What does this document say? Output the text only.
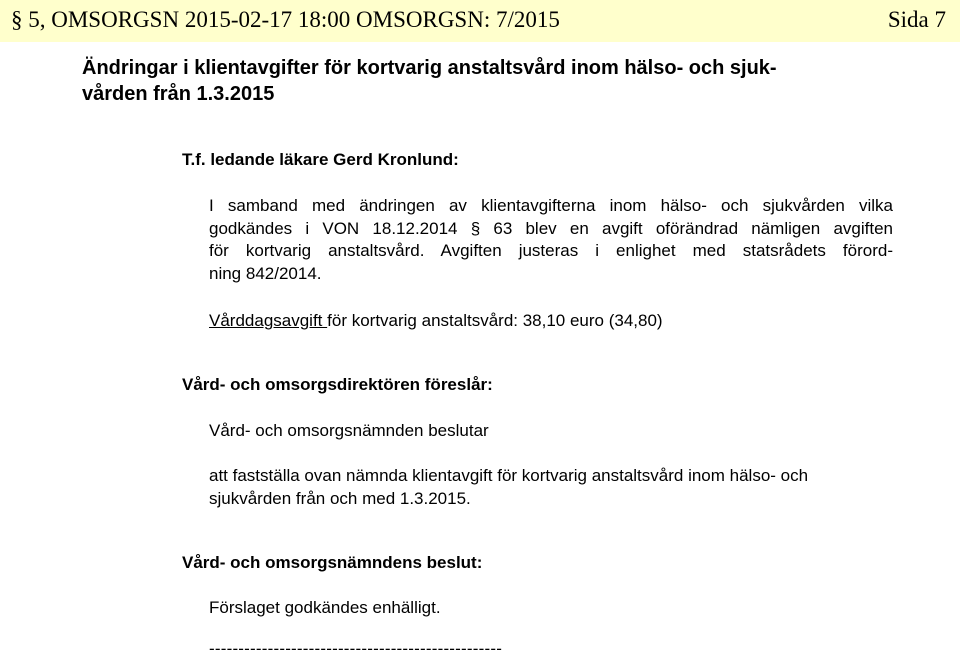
§ 5, OMSORGSN 2015-02-17 18:00 OMSORGSN: 7/2015	Sida 7
Ändringar i klientavgifter för kortvarig anstaltsvård inom hälso- och sjuk-
vården från 1.3.2015
T.f. ledande läkare Gerd Kronlund:
I samband med ändringen av klientavgifterna inom hälso- och sjukvården vilka
godkändes i VON 18.12.2014 § 63 blev en avgift oförändrad nämligen avgiften
för kortvarig anstaltsvård. Avgiften justeras i enlighet med statsrådets förord-
ning 842/2014.
Vårddagsavgift för kortvarig anstaltsvård: 38,10 euro (34,80)
Vård- och omsorgsdirektören föreslår:
Vård- och omsorgsnämnden beslutar
att fastställa ovan nämnda klientavgift för kortvarig anstaltsvård inom hälso- och
sjukvården från och med 1.3.2015.
Vård- och omsorgsnämndens beslut:
Förslaget godkändes enhälligt.
--------------------------------------------------
